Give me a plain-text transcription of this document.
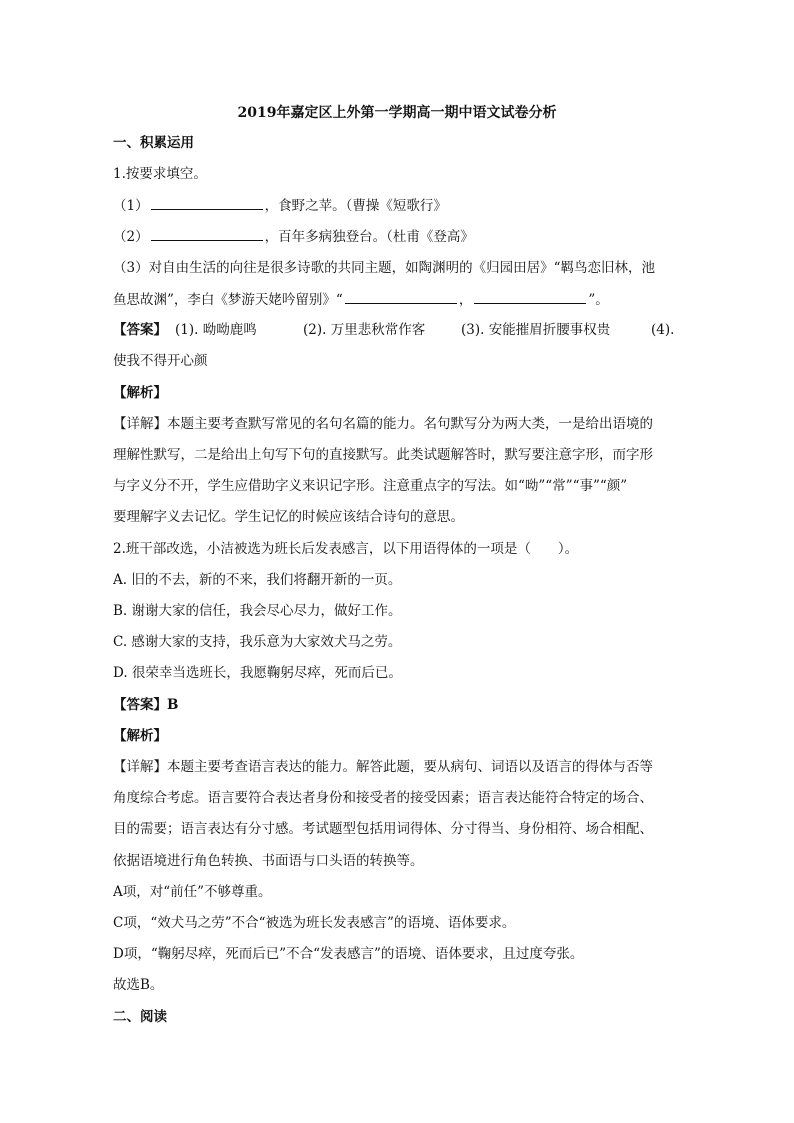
2019年嘉定区上外第一学期高一期中语文试卷分析
一、积累运用
1.按要求填空。
（1）	，食野之苹。（曹操《短歌行》
（2）	，百年多病独登台。（杜甫《登高》
（3）对自由生活的向往是很多诗歌的共同主题，如陶渊明的《归园田居》“羁鸟恋旧林，池
鱼思故渊”，李白《梦游天姥吟留别》“	，	”。
【答案】 (1). 呦呦鹿鸣	(2). 万里悲秋常作客	(3). 安能摧眉折腰事权贵	(4).
使我不得开心颜
【解析】
【详解】本题主要考查默写常见的名句名篇的能力。名句默写分为两大类，一是给出语境的
理解性默写，二是给出上句写下句的直接默写。此类试题解答时，默写要注意字形，而字形
与字义分不开，学生应借助字义来识记字形。注意重点字的写法。如“呦”“常”“事”“颜”
要理解字义去记忆。学生记忆的时候应该结合诗句的意思。
2.班干部改选，小洁被选为班长后发表感言，以下用语得体的一项是（　　）。
A. 旧的不去，新的不来，我们将翻开新的一页。
B. 谢谢大家的信任，我会尽心尽力，做好工作。
C. 感谢大家的支持，我乐意为大家效犬马之劳。
D. 很荣幸当选班长，我愿鞠躬尽瘁，死而后已。
【答案】B
【解析】
【详解】本题主要考查语言表达的能力。解答此题，要从病句、词语以及语言的得体与否等
角度综合考虑。语言要符合表达者身份和接受者的接受因素；语言表达能符合特定的场合、
目的需要；语言表达有分寸感。考试题型包括用词得体、分寸得当、身份相符、场合相配、
依据语境进行角色转换、书面语与口头语的转换等。
A项，对“前任”不够尊重。
C项，“效犬马之劳”不合“被选为班长发表感言”的语境、语体要求。
D项，“鞠躬尽瘁，死而后已”不合“发表感言”的语境、语体要求，且过度夸张。
故选B。
二、阅读
